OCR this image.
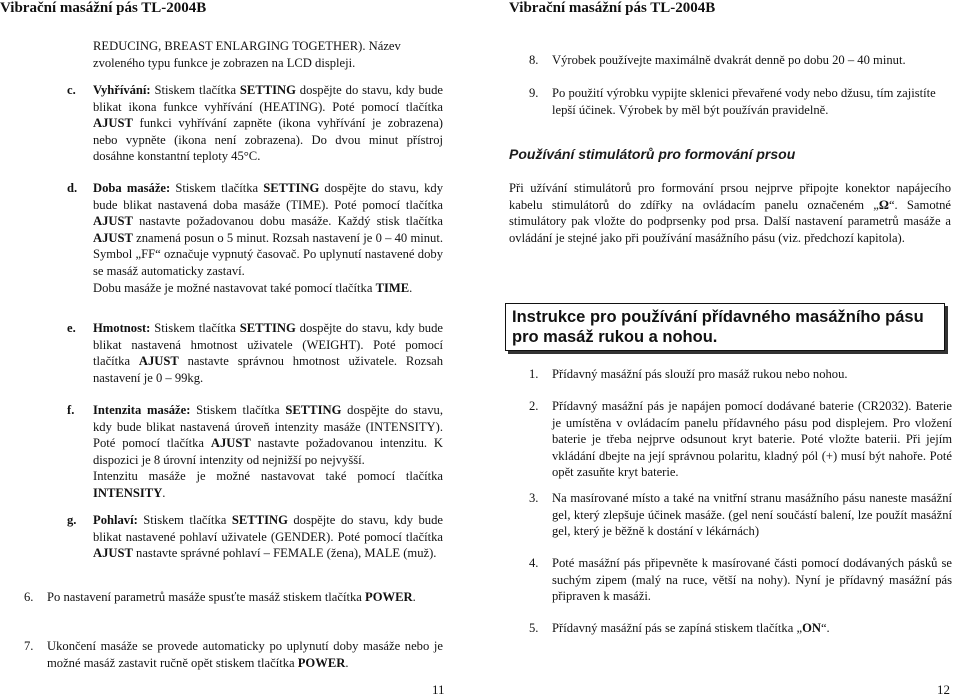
Vibrační masážní pás TL-2004B
REDUCING, BREAST ENLARGING TOGETHER). Název zvoleného typu funkce je zobrazen na LCD displeji.
c. Vyhřívání: Stiskem tlačítka SETTING dospějte do stavu, kdy bude blikat ikona funkce vyhřívání (HEATING). Poté pomocí tlačítka AJUST funkci vyhřívání zapněte (ikona vyhřívání je zobrazena) nebo vypněte (ikona není zobrazena). Do dvou minut přístroj dosáhne konstantní teploty 45°C.
d. Doba masáže: Stiskem tlačítka SETTING dospějte do stavu, kdy bude blikat nastavená doba masáže (TIME). Poté pomocí tlačítka AJUST nastavte požadovanou dobu masáže. Každý stisk tlačítka AJUST znamená posun o 5 minut. Rozsah nastavení je 0 – 40 minut. Symbol „FF“ označuje vypnutý časovač. Po uplynutí nastavené doby se masáž automaticky zastaví.
Dobu masáže je možné nastavovat také pomocí tlačítka TIME.
e. Hmotnost: Stiskem tlačítka SETTING dospějte do stavu, kdy bude blikat nastavená hmotnost uživatele (WEIGHT). Poté pomocí tlačítka AJUST nastavte správnou hmotnost uživatele. Rozsah nastavení je 0 – 99kg.
f. Intenzita masáže: Stiskem tlačítka SETTING dospějte do stavu, kdy bude blikat nastavená úroveň intenzity masáže (INTENSITY). Poté pomocí tlačítka AJUST nastavte požadovanou intenzitu. K dispozici je 8 úrovní intenzity od nejnižší po nejvyšší.
Intenzitu masáže je možné nastavovat také pomocí tlačítka INTENSITY.
g. Pohlaví: Stiskem tlačítka SETTING dospějte do stavu, kdy bude blikat nastavené pohlaví uživatele (GENDER). Poté pomocí tlačítka AJUST nastavte správné pohlaví – FEMALE (žena), MALE (muž).
6. Po nastavení parametrů masáže spusťte masáž stiskem tlačítka POWER.
7. Ukončení masáže se provede automaticky po uplynutí doby masáže nebo je možné masáž zastavit ručně opět stiskem tlačítka POWER.
11
Vibrační masážní pás TL-2004B
8. Výrobek používejte maximálně dvakrát denně po dobu 20 – 40 minut.
9. Po použití výrobku vypijte sklenici převařené vody nebo džusu, tím zajistíte lepší účinek. Výrobek by měl být používán pravidelně.
Používání stimulátorů pro formování prsou
Při užívání stimulátorů pro formování prsou nejprve připojte konektor napájecího kabelu stimulátorů do zdířky na ovládacím panelu označeném „Ω“. Samotné stimulátory pak vložte do podprsenky pod prsa. Další nastavení parametrů masáže a ovládání je stejné jako při používání masážního pásu (viz. předchozí kapitola).
Instrukce pro používání přídavného masážního pásu pro masáž rukou a nohou.
1. Přídavný masážní pás slouží pro masáž rukou nebo nohou.
2. Přídavný masážní pás je napájen pomocí dodávané baterie (CR2032). Baterie je umístěna v ovládacím panelu přídavného pásu pod displejem. Pro vložení baterie je třeba nejprve odsunout kryt baterie. Poté vložte baterii. Při jejím vkládání dbejte na její správnou polaritu, kladný pól (+) musí být nahoře. Poté opět zasuňte kryt baterie.
3. Na masírované místo a také na vnitřní stranu masážního pásu naneste masážní gel, který zlepšuje účinek masáže. (gel není součástí balení, lze použít masážní gel, který je běžně k dostání v lékárnách)
4. Poté masážní pás připevněte k masírované části pomocí dodávaných pásků se suchým zipem (malý na ruce, větší na nohy). Nyní je přídavný masážní pás připraven k masáži.
5. Přídavný masážní pás se zapíná stiskem tlačítka „ON“.
12
